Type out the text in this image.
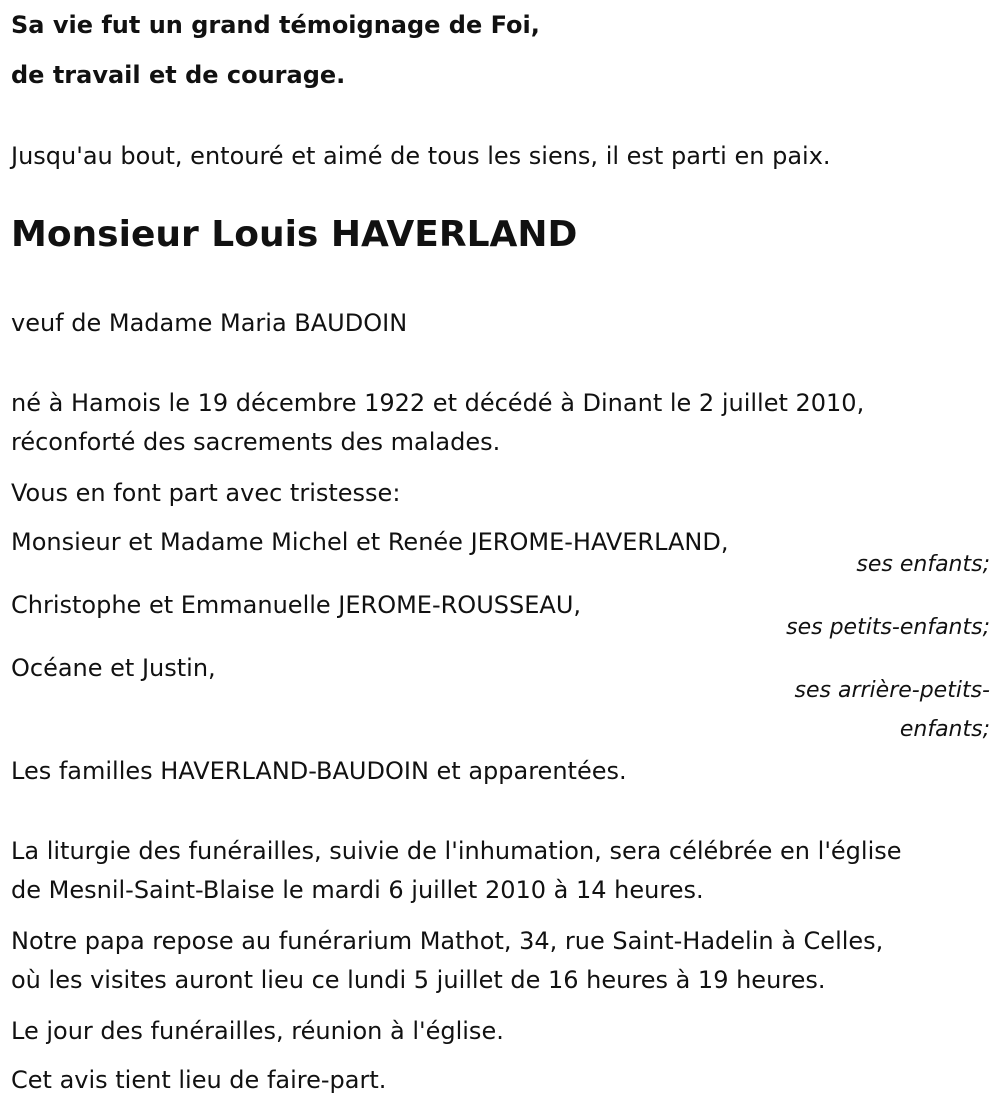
Sa vie fut un grand témoignage de Foi,
de travail et de courage.
Jusqu'au bout, entouré et aimé de tous les siens, il est parti en paix.
Monsieur Louis HAVERLAND
veuf de Madame Maria BAUDOIN
né à Hamois le 19 décembre 1922 et décédé à Dinant le 2 juillet 2010,
réconforté des sacrements des malades.
Vous en font part avec tristesse:
Monsieur et Madame Michel et Renée JEROME-HAVERLAND,
ses enfants;
Christophe et Emmanuelle JEROME-ROUSSEAU,
ses petits-enfants;
Océane et Justin,
ses arrière-petits-
enfants;
Les familles HAVERLAND-BAUDOIN et apparentées.
La liturgie des funérailles, suivie de l'inhumation, sera célébrée en l'église
de Mesnil-Saint-Blaise le mardi 6 juillet 2010 à 14 heures.
Notre papa repose au funérarium Mathot, 34, rue Saint-Hadelin à Celles,
où les visites auront lieu ce lundi 5 juillet de 16 heures à 19 heures.
Le jour des funérailles, réunion à l'église.
Cet avis tient lieu de faire-part.
